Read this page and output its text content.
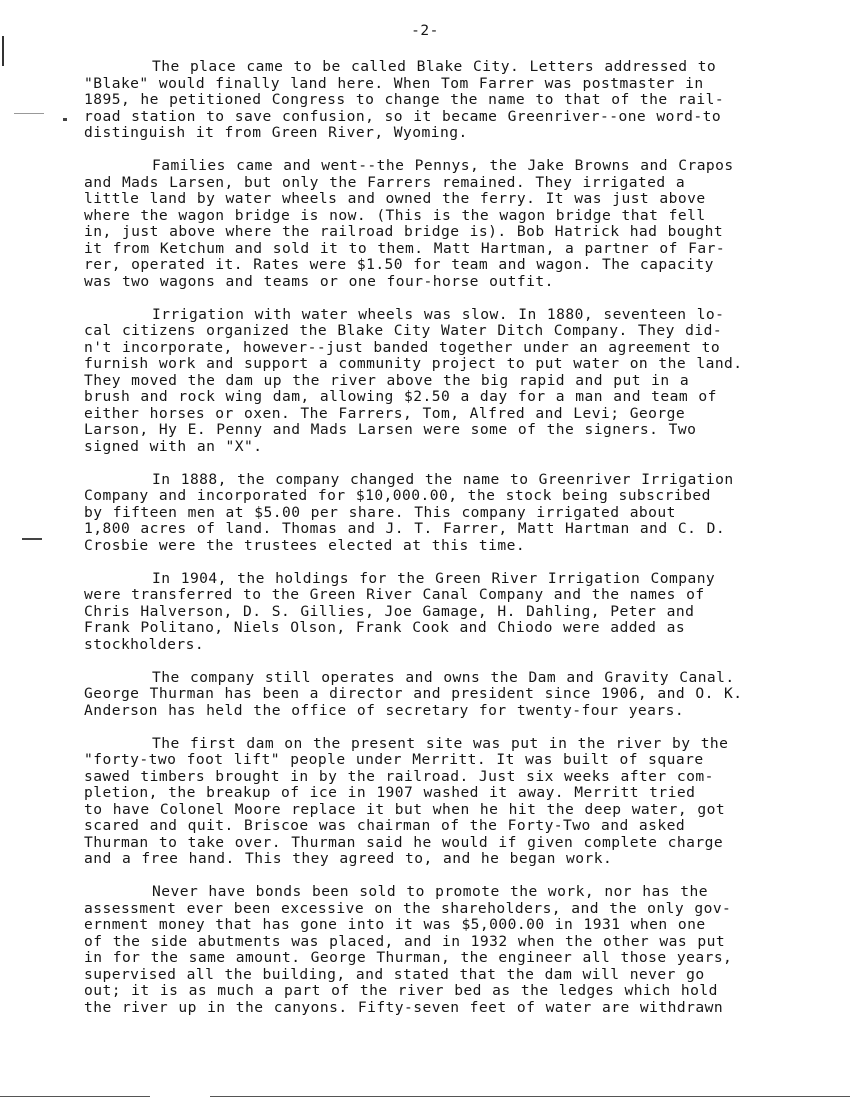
-2-

The place came to be called Blake City. Letters addressed to
"Blake" would finally land here. When Tom Farrer was postmaster in
1895, he petitioned Congress to change the name to that of the rail-
road station to save confusion, so it became Greenriver--one word-to
distinguish it from Green River, Wyoming.

Families came and went--the Pennys, the Jake Browns and Crapos
and Mads Larsen, but only the Farrers remained. They irrigated a
little land by water wheels and owned the ferry. It was just above
where the wagon bridge is now. (This is the wagon bridge that fell
in, just above where the railroad bridge is). Bob Hatrick had bought
it from Ketchum and sold it to them. Matt Hartman, a partner of Far-
rer, operated it. Rates were $1.50 for team and wagon. The capacity
was two wagons and teams or one four-horse outfit.

Irrigation with water wheels was slow. In 1880, seventeen lo-
cal citizens organized the Blake City Water Ditch Company. They did-
n't incorporate, however--just banded together under an agreement to
furnish work and support a community project to put water on the land.
They moved the dam up the river above the big rapid and put in a
brush and rock wing dam, allowing $2.50 a day for a man and team of
either horses or oxen. The Farrers, Tom, Alfred and Levi; George
Larson, Hy E. Penny and Mads Larsen were some of the signers. Two
signed with an "X".

In 1888, the company changed the name to Greenriver Irrigation
Company and incorporated for $10,000.00, the stock being subscribed
by fifteen men at $5.00 per share. This company irrigated about
1,800 acres of land. Thomas and J. T. Farrer, Matt Hartman and C. D.
Crosbie were the trustees elected at this time.

In 1904, the holdings for the Green River Irrigation Company
were transferred to the Green River Canal Company and the names of
Chris Halverson, D. S. Gillies, Joe Gamage, H. Dahling, Peter and
Frank Politano, Niels Olson, Frank Cook and Chiodo were added as
stockholders.

The company still operates and owns the Dam and Gravity Canal.
George Thurman has been a director and president since 1906, and O. K.
Anderson has held the office of secretary for twenty-four years.

The first dam on the present site was put in the river by the
"forty-two foot lift" people under Merritt. It was built of square
sawed timbers brought in by the railroad. Just six weeks after com-
pletion, the breakup of ice in 1907 washed it away. Merritt tried
to have Colonel Moore replace it but when he hit the deep water, got
scared and quit. Briscoe was chairman of the Forty-Two and asked
Thurman to take over. Thurman said he would if given complete charge
and a free hand. This they agreed to, and he began work.

Never have bonds been sold to promote the work, nor has the
assessment ever been excessive on the shareholders, and the only gov-
ernment money that has gone into it was $5,000.00 in 1931 when one
of the side abutments was placed, and in 1932 when the other was put
in for the same amount. George Thurman, the engineer all those years,
supervised all the building, and stated that the dam will never go
out; it is as much a part of the river bed as the ledges which hold
the river up in the canyons. Fifty-seven feet of water are withdrawn
